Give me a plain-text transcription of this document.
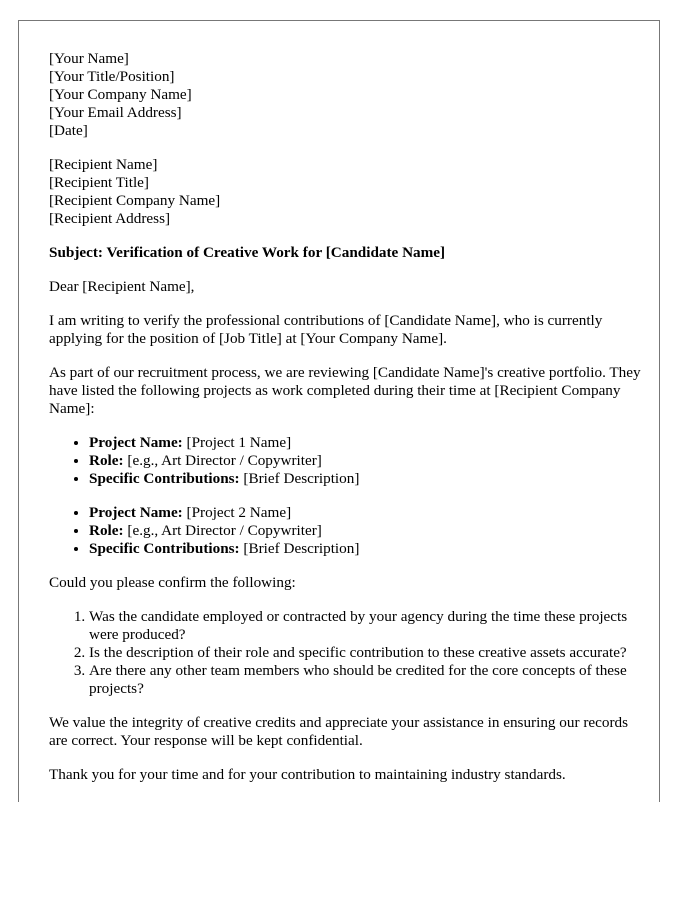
[Your Name]
[Your Title/Position]
[Your Company Name]
[Your Email Address]
[Date]
[Recipient Name]
[Recipient Title]
[Recipient Company Name]
[Recipient Address]

Subject: Verification of Creative Work for [Candidate Name]

Dear [Recipient Name],

I am writing to verify the professional contributions of [Candidate Name], who is currently applying for the position of [Job Title] at [Your Company Name].

As part of our recruitment process, we are reviewing [Candidate Name]'s creative portfolio. They have listed the following projects as work completed during their time at [Recipient Company Name]:

• Project Name: [Project 1 Name]
• Role: [e.g., Art Director / Copywriter]
• Specific Contributions: [Brief Description]
• Project Name: [Project 2 Name]
• Role: [e.g., Art Director / Copywriter]
• Specific Contributions: [Brief Description]

Could you please confirm the following:

1. Was the candidate employed or contracted by your agency during the time these projects were produced?
2. Is the description of their role and specific contribution to these creative assets accurate?
3. Are there any other team members who should be credited for the core concepts of these projects?

We value the integrity of creative credits and appreciate your assistance in ensuring our records are correct. Your response will be kept confidential.

Thank you for your time and for your contribution to maintaining industry standards.
